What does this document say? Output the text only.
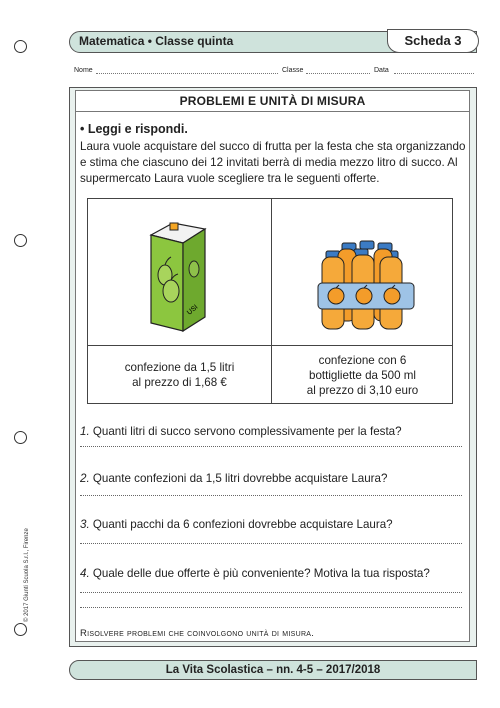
Matematica • Classe quinta	Scheda 3
Nome	Classe	Data
PROBLEMI E UNITÀ DI MISURA
• Leggi e rispondi.
Laura vuole acquistare del succo di frutta per la festa che sta organizzando e stima che ciascuno dei 12 invitati berrà di media mezzo litro di succo. Al supermercato Laura vuole scegliere tra le seguenti offerte.
USI
confezione da 1,5 litri
al prezzo di 1,68 €
confezione con 6
bottigliette da 500 ml
al prezzo di 3,10 euro
1. Quanti litri di succo servono complessivamente per la festa?
2. Quante confezioni da 1,5 litri dovrebbe acquistare Laura?
3. Quanti pacchi da 6 confezioni dovrebbe acquistare Laura?
4. Quale delle due offerte è più conveniente? Motiva la tua risposta?
Risolvere problemi che coinvolgono unità di misura.
© 2017 Giunti Scuola S.r.l., Firenze
La Vita Scolastica – nn. 4-5 – 2017/2018
